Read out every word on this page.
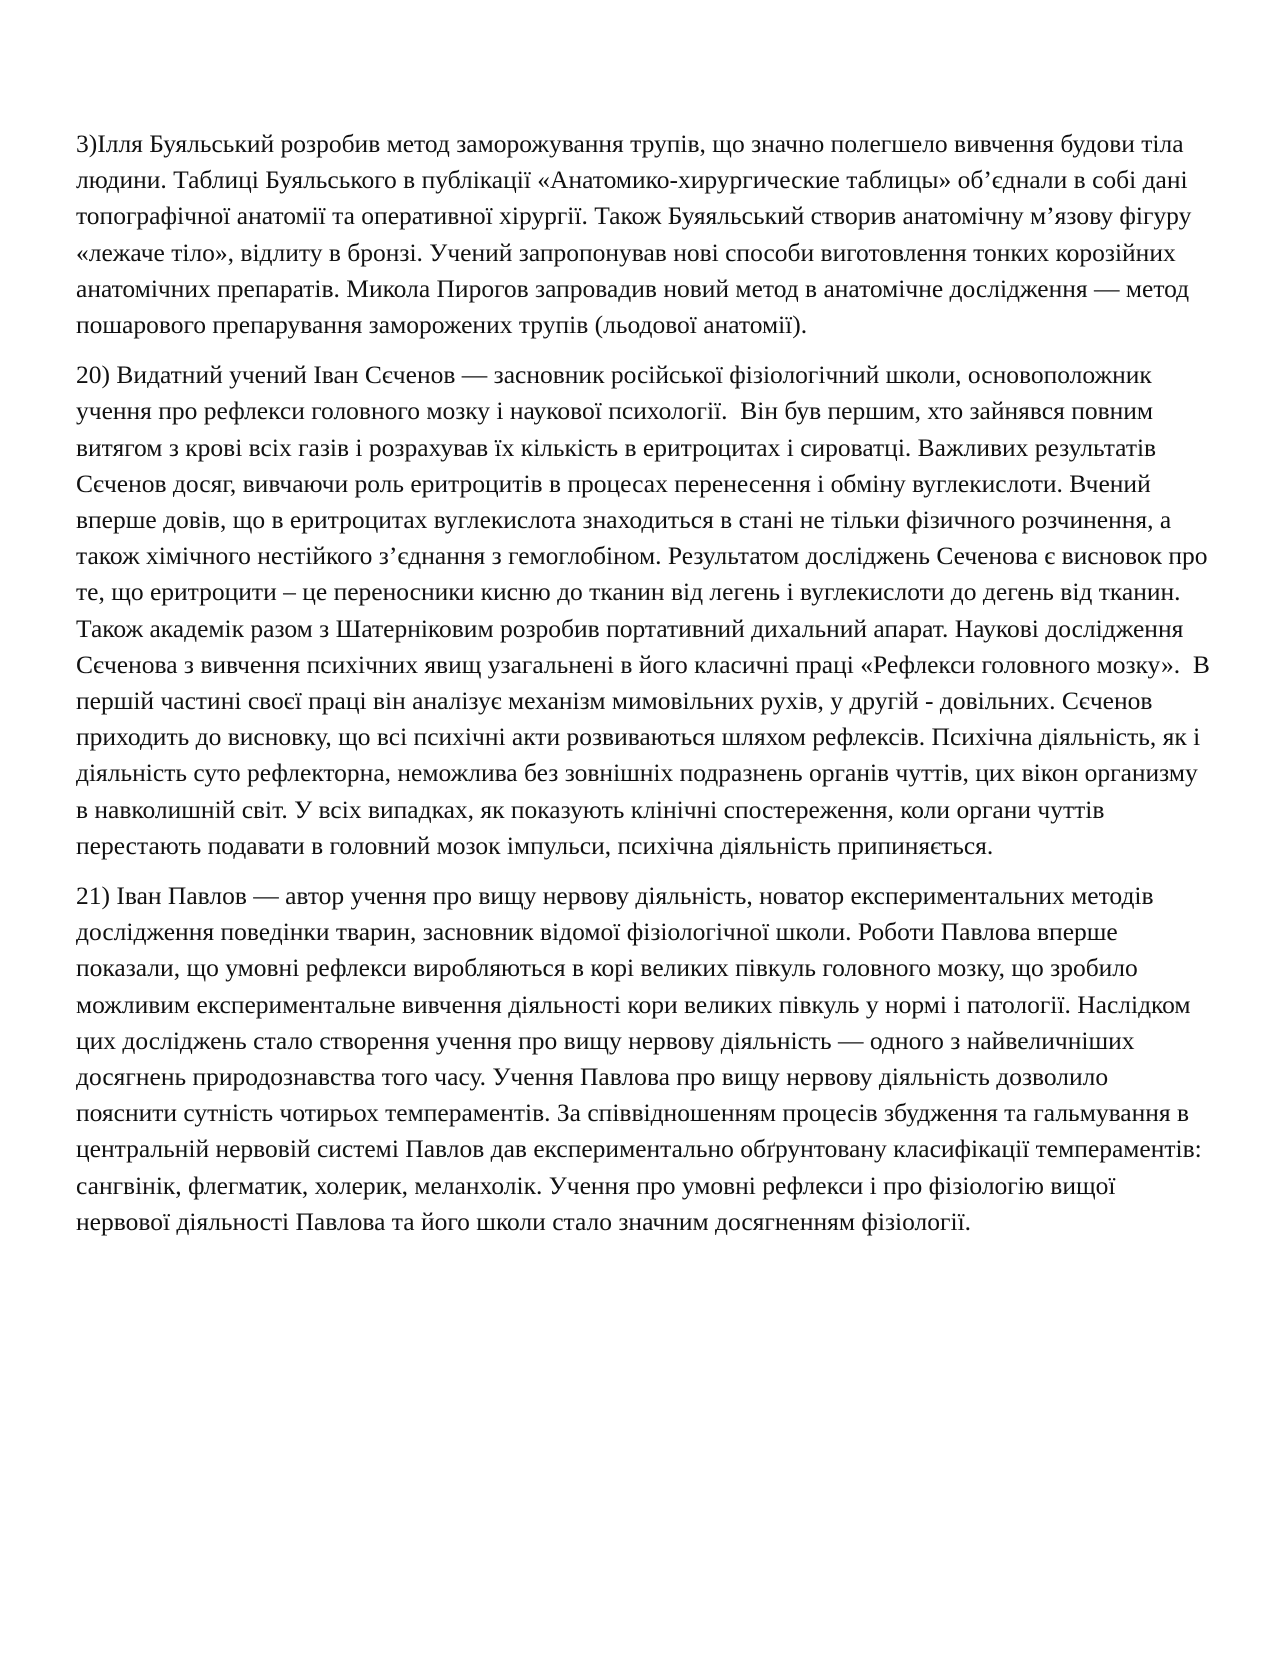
3)Ілля Буяльський розробив метод заморожування трупів, що значно полегшело вивчення будови тіла людини. Таблиці Буяльського в публікації «Анатомико-хирургические таблицы» об’єднали в собі дані топографічної анатомії та оперативної хірургії. Також Буяяльський створив анатомічну м’язову фігуру «лежаче тіло», відлиту в бронзі. Учений запропонував нові способи виготовлення тонких корозійних анатомічних препаратів. Микола Пирогов запровадив новий метод в анатомічне дослідження — метод пошарового препарування заморожених трупів (льодової анатомії).

20) Видатний учений Іван Сєченов — засновник російської фізіологічний школи, основоположник учення про рефлекси головного мозку і наукової психології.  Він був першим, хто зайнявся повним витягом з крові всіх газів і розрахував їх кількість в еритроцитах і сироватці. Важливих результатів Сєченов досяг, вивчаючи роль еритроцитів в процесах перенесення і обміну вуглекислоти. Вчений вперше довів, що в еритроцитах вуглекислота знаходиться в стані не тільки фізичного розчинення, а також хімічного нестійкого з’єднання з гемоглобіном. Результатом досліджень Сеченова є висновок про те, що еритроцити – це переносники кисню до тканин від легень і вуглекислоти до дегень від тканин. Також академік разом з Шатерніковим розробив портативний дихальний апарат. Наукові дослідження Сєченова з вивчення психічних явищ узагальнені в його класичні праці «Рефлекси головного мозку».  В першій частині своєї праці він аналізує механізм мимовільних рухів, у другій - довільних. Сєченов приходить до висновку, що всі психічні акти розвиваються шляхом рефлексів. Психічна діяльність, як і діяльність суто рефлекторна, неможлива без зовнішніх подразнень органів чуттів, цих вікон организму в навколишній світ. У всіх випадках, як показують клінічні спостереження, коли органи чуттів перестають подавати в головний мозок імпульси, психічна діяльність припиняється.

21) Іван Павлов — автор учення про вищу нервову діяльність, новатор експериментальних методів дослідження поведінки тварин, засновник відомої фізіологічної школи. Роботи Павлова вперше показали, що умовні рефлекси виробляються в корі великих півкуль головного мозку, що зробило можливим експериментальне вивчення діяльності кори великих півкуль у нормі і патології. Наслідком цих досліджень стало створення учення про вищу нервову діяльність — одного з найвеличніших  досягнень природознавства того часу. Учення Павлова про вищу нервову діяльність дозволило пояснити сутність чотирьох темпераментів. За співвідношенням процесів збудження та гальмування в центральній нервовій системі Павлов дав експериментально обґрунтовану класифікації темпераментів: сангвінік, флегматик, холерик, меланхолік. Учення про умовні рефлекси і про фізіологію вищої нервової діяльності Павлова та його школи стало значним досягненням фізіології.
